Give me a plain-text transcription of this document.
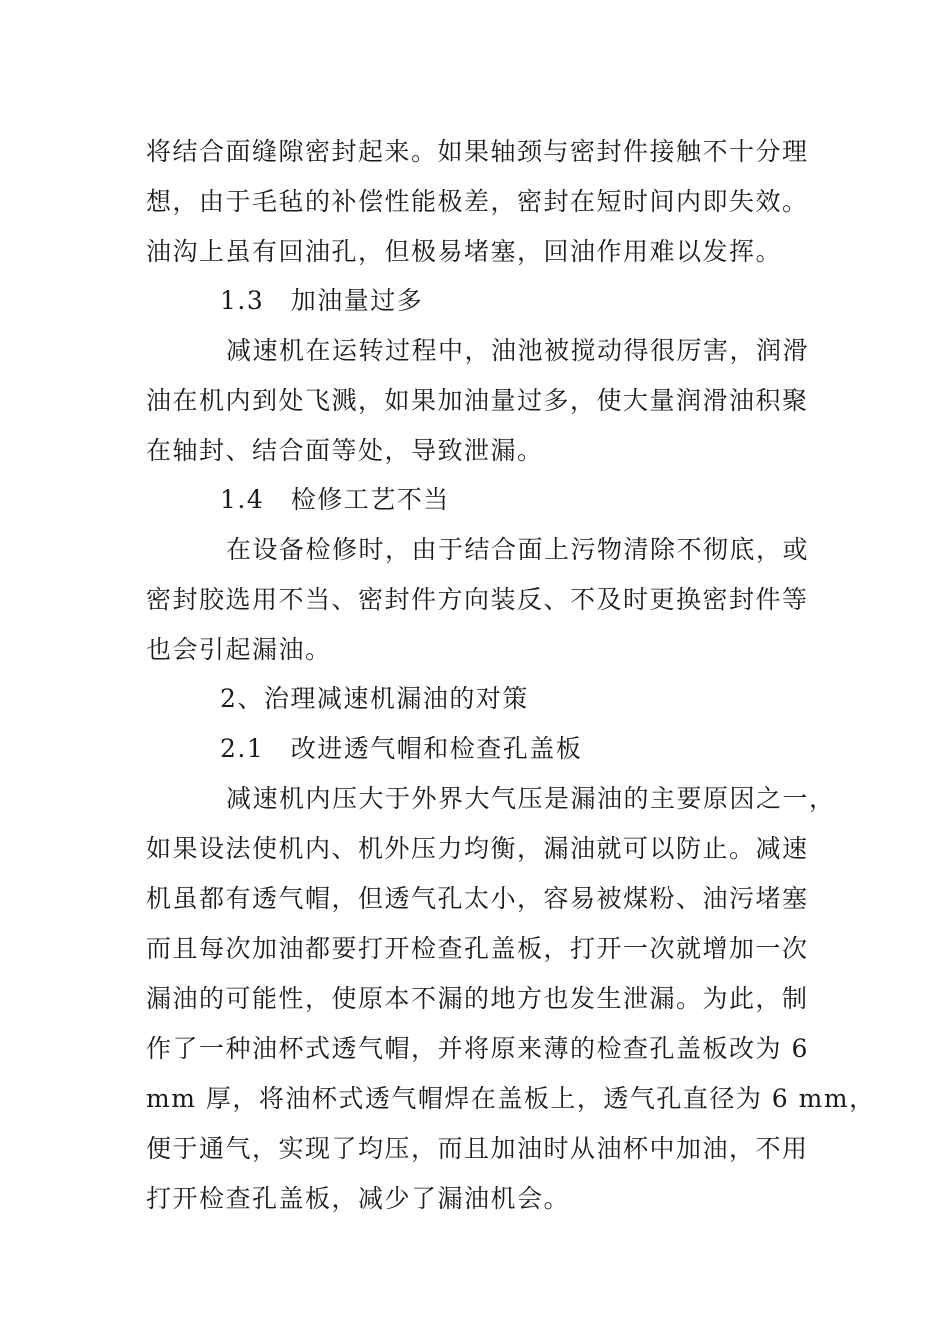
将结合面缝隙密封起来。如果轴颈与密封件接触不十分理
想，由于毛毡的补偿性能极差，密封在短时间内即失效。
油沟上虽有回油孔，但极易堵塞，回油作用难以发挥。
1.3　加油量过多
减速机在运转过程中，油池被搅动得很厉害，润滑
油在机内到处飞溅，如果加油量过多，使大量润滑油积聚
在轴封、结合面等处，导致泄漏。
1.4　检修工艺不当
在设备检修时，由于结合面上污物清除不彻底，或
密封胶选用不当、密封件方向装反、不及时更换密封件等
也会引起漏油。
2、治理减速机漏油的对策
2.1　改进透气帽和检查孔盖板
减速机内压大于外界大气压是漏油的主要原因之一，
如果设法使机内、机外压力均衡，漏油就可以防止。减速
机虽都有透气帽，但透气孔太小，容易被煤粉、油污堵塞
而且每次加油都要打开检查孔盖板，打开一次就增加一次
漏油的可能性，使原本不漏的地方也发生泄漏。为此，制
作了一种油杯式透气帽，并将原来薄的检查孔盖板改为 6
mm 厚，将油杯式透气帽焊在盖板上，透气孔直径为 6 mm，
便于通气，实现了均压，而且加油时从油杯中加油，不用
打开检查孔盖板，减少了漏油机会。
